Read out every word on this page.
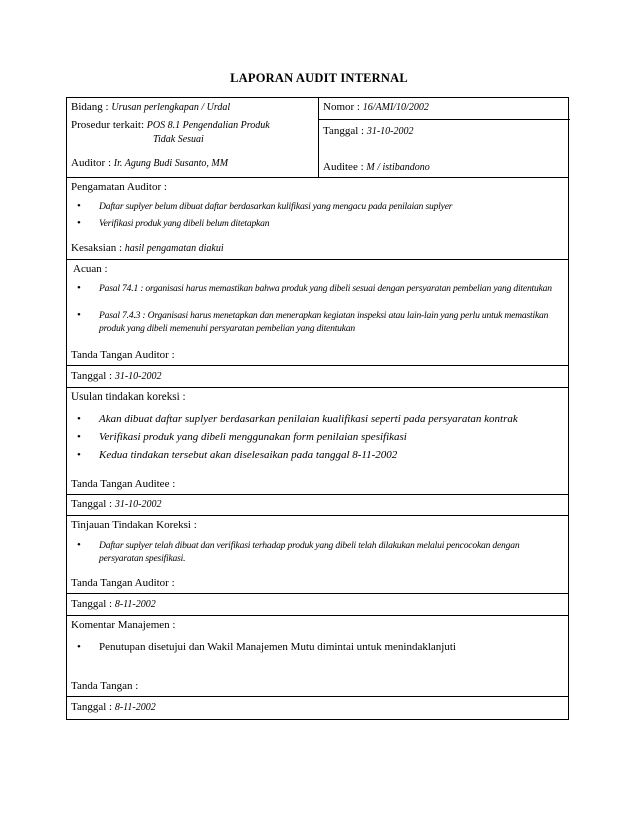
LAPORAN AUDIT INTERNAL
Bidang : Urusan perlengkapan / Urdal
Prosedur terkait: POS 8.1 Pengendalian Produk
Tidak Sesuai
Auditor : Ir. Agung Budi Susanto, MM
Nomor : 16/AMI/10/2002
Tanggal : 31-10-2002
Auditee : M / istibandono
Pengamatan Auditor :
•	Daftar suplyer belum dibuat daftar berdasarkan kulifikasi yang mengacu pada penilaian suplyer
•	Verifikasi produk yang dibeli belum ditetapkan
Kesaksian : hasil pengamatan diakui
Acuan :
•	Pasal 74.1 : organisasi harus memastikan bahwa produk yang dibeli sesuai dengan persyaratan pembelian yang ditentukan
•	Pasal 7.4.3 : Organisasi harus menetapkan dan menerapkan kegiatan inspeksi atau lain-lain yang perlu untuk memastikan produk yang dibeli memenuhi persyaratan pembelian yang ditentukan
Tanda Tangan Auditor :
Tanggal : 31-10-2002
Usulan tindakan koreksi :
•	Akan dibuat daftar suplyer berdasarkan penilaian kualifikasi seperti pada persyaratan kontrak
•	Verifikasi produk yang dibeli menggunakan form penilaian spesifikasi
•	Kedua tindakan tersebut akan diselesaikan pada tanggal 8-11-2002
Tanda Tangan Auditee :
Tanggal : 31-10-2002
Tinjauan Tindakan Koreksi :
•	Daftar suplyer telah dibuat dan verifikasi terhadap produk yang dibeli telah dilakukan melalui pencocokan dengan persyaratan spesifikasi.
Tanda Tangan Auditor :
Tanggal : 8-11-2002
Komentar Manajemen :
•	Penutupan disetujui dan Wakil Manajemen Mutu dimintai untuk menindaklanjuti
Tanda Tangan :
Tanggal : 8-11-2002
